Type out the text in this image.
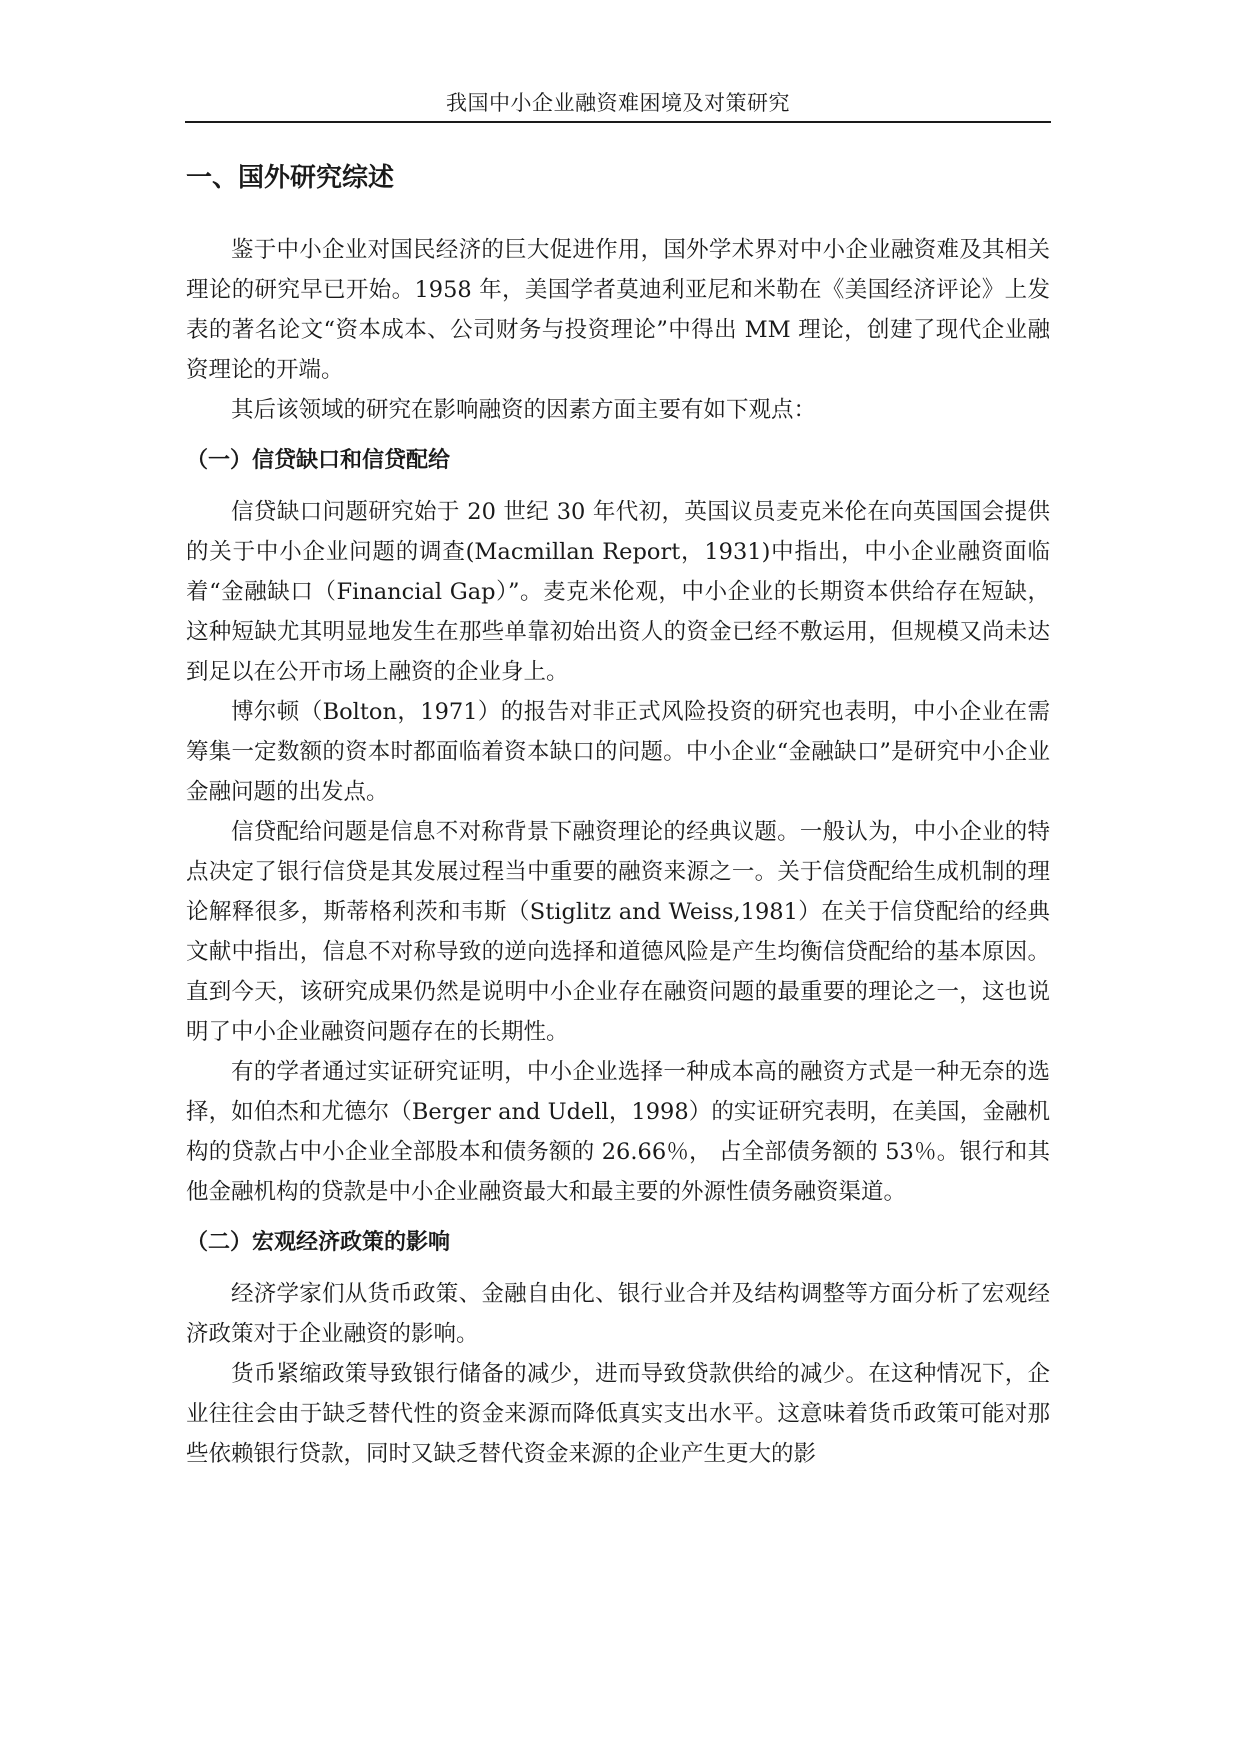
我国中小企业融资难困境及对策研究
一、国外研究综述

鉴于中小企业对国民经济的巨大促进作用，国外学术界对中小企业融资难及其相关理论的研究早已开始。1958 年，美国学者莫迪利亚尼和米勒在《美国经济评论》上发表的著名论文“资本成本、公司财务与投资理论”中得出 MM 理论，创建了现代企业融资理论的开端。

其后该领域的研究在影响融资的因素方面主要有如下观点：

（一）信贷缺口和信贷配给

信贷缺口问题研究始于 20 世纪 30 年代初，英国议员麦克米伦在向英国国会提供的关于中小企业问题的调查(Macmillan Report，1931)中指出，中小企业融资面临着“金融缺口（Financial Gap）”。麦克米伦观，中小企业的长期资本供给存在短缺，这种短缺尤其明显地发生在那些单靠初始出资人的资金已经不敷运用，但规模又尚未达到足以在公开市场上融资的企业身上。

博尔顿（Bolton，1971）的报告对非正式风险投资的研究也表明，中小企业在需筹集一定数额的资本时都面临着资本缺口的问题。中小企业“金融缺口”是研究中小企业金融问题的出发点。

信贷配给问题是信息不对称背景下融资理论的经典议题。一般认为，中小企业的特点决定了银行信贷是其发展过程当中重要的融资来源之一。关于信贷配给生成机制的理论解释很多，斯蒂格利茨和韦斯（Stiglitz and Weiss,1981）在关于信贷配给的经典文献中指出，信息不对称导致的逆向选择和道德风险是产生均衡信贷配给的基本原因。直到今天，该研究成果仍然是说明中小企业存在融资问题的最重要的理论之一，这也说明了中小企业融资问题存在的长期性。

有的学者通过实证研究证明，中小企业选择一种成本高的融资方式是一种无奈的选择，如伯杰和尤德尔（Berger and Udell，1998）的实证研究表明，在美国，金融机构的贷款占中小企业全部股本和债务额的 26.66％， 占全部债务额的 53％。银行和其他金融机构的贷款是中小企业融资最大和最主要的外源性债务融资渠道。

（二）宏观经济政策的影响

经济学家们从货币政策、金融自由化、银行业合并及结构调整等方面分析了宏观经济政策对于企业融资的影响。

货币紧缩政策导致银行储备的减少，进而导致贷款供给的减少。在这种情况下，企业往往会由于缺乏替代性的资金来源而降低真实支出水平。这意味着货币政策可能对那些依赖银行贷款，同时又缺乏替代资金来源的企业产生更大的影
